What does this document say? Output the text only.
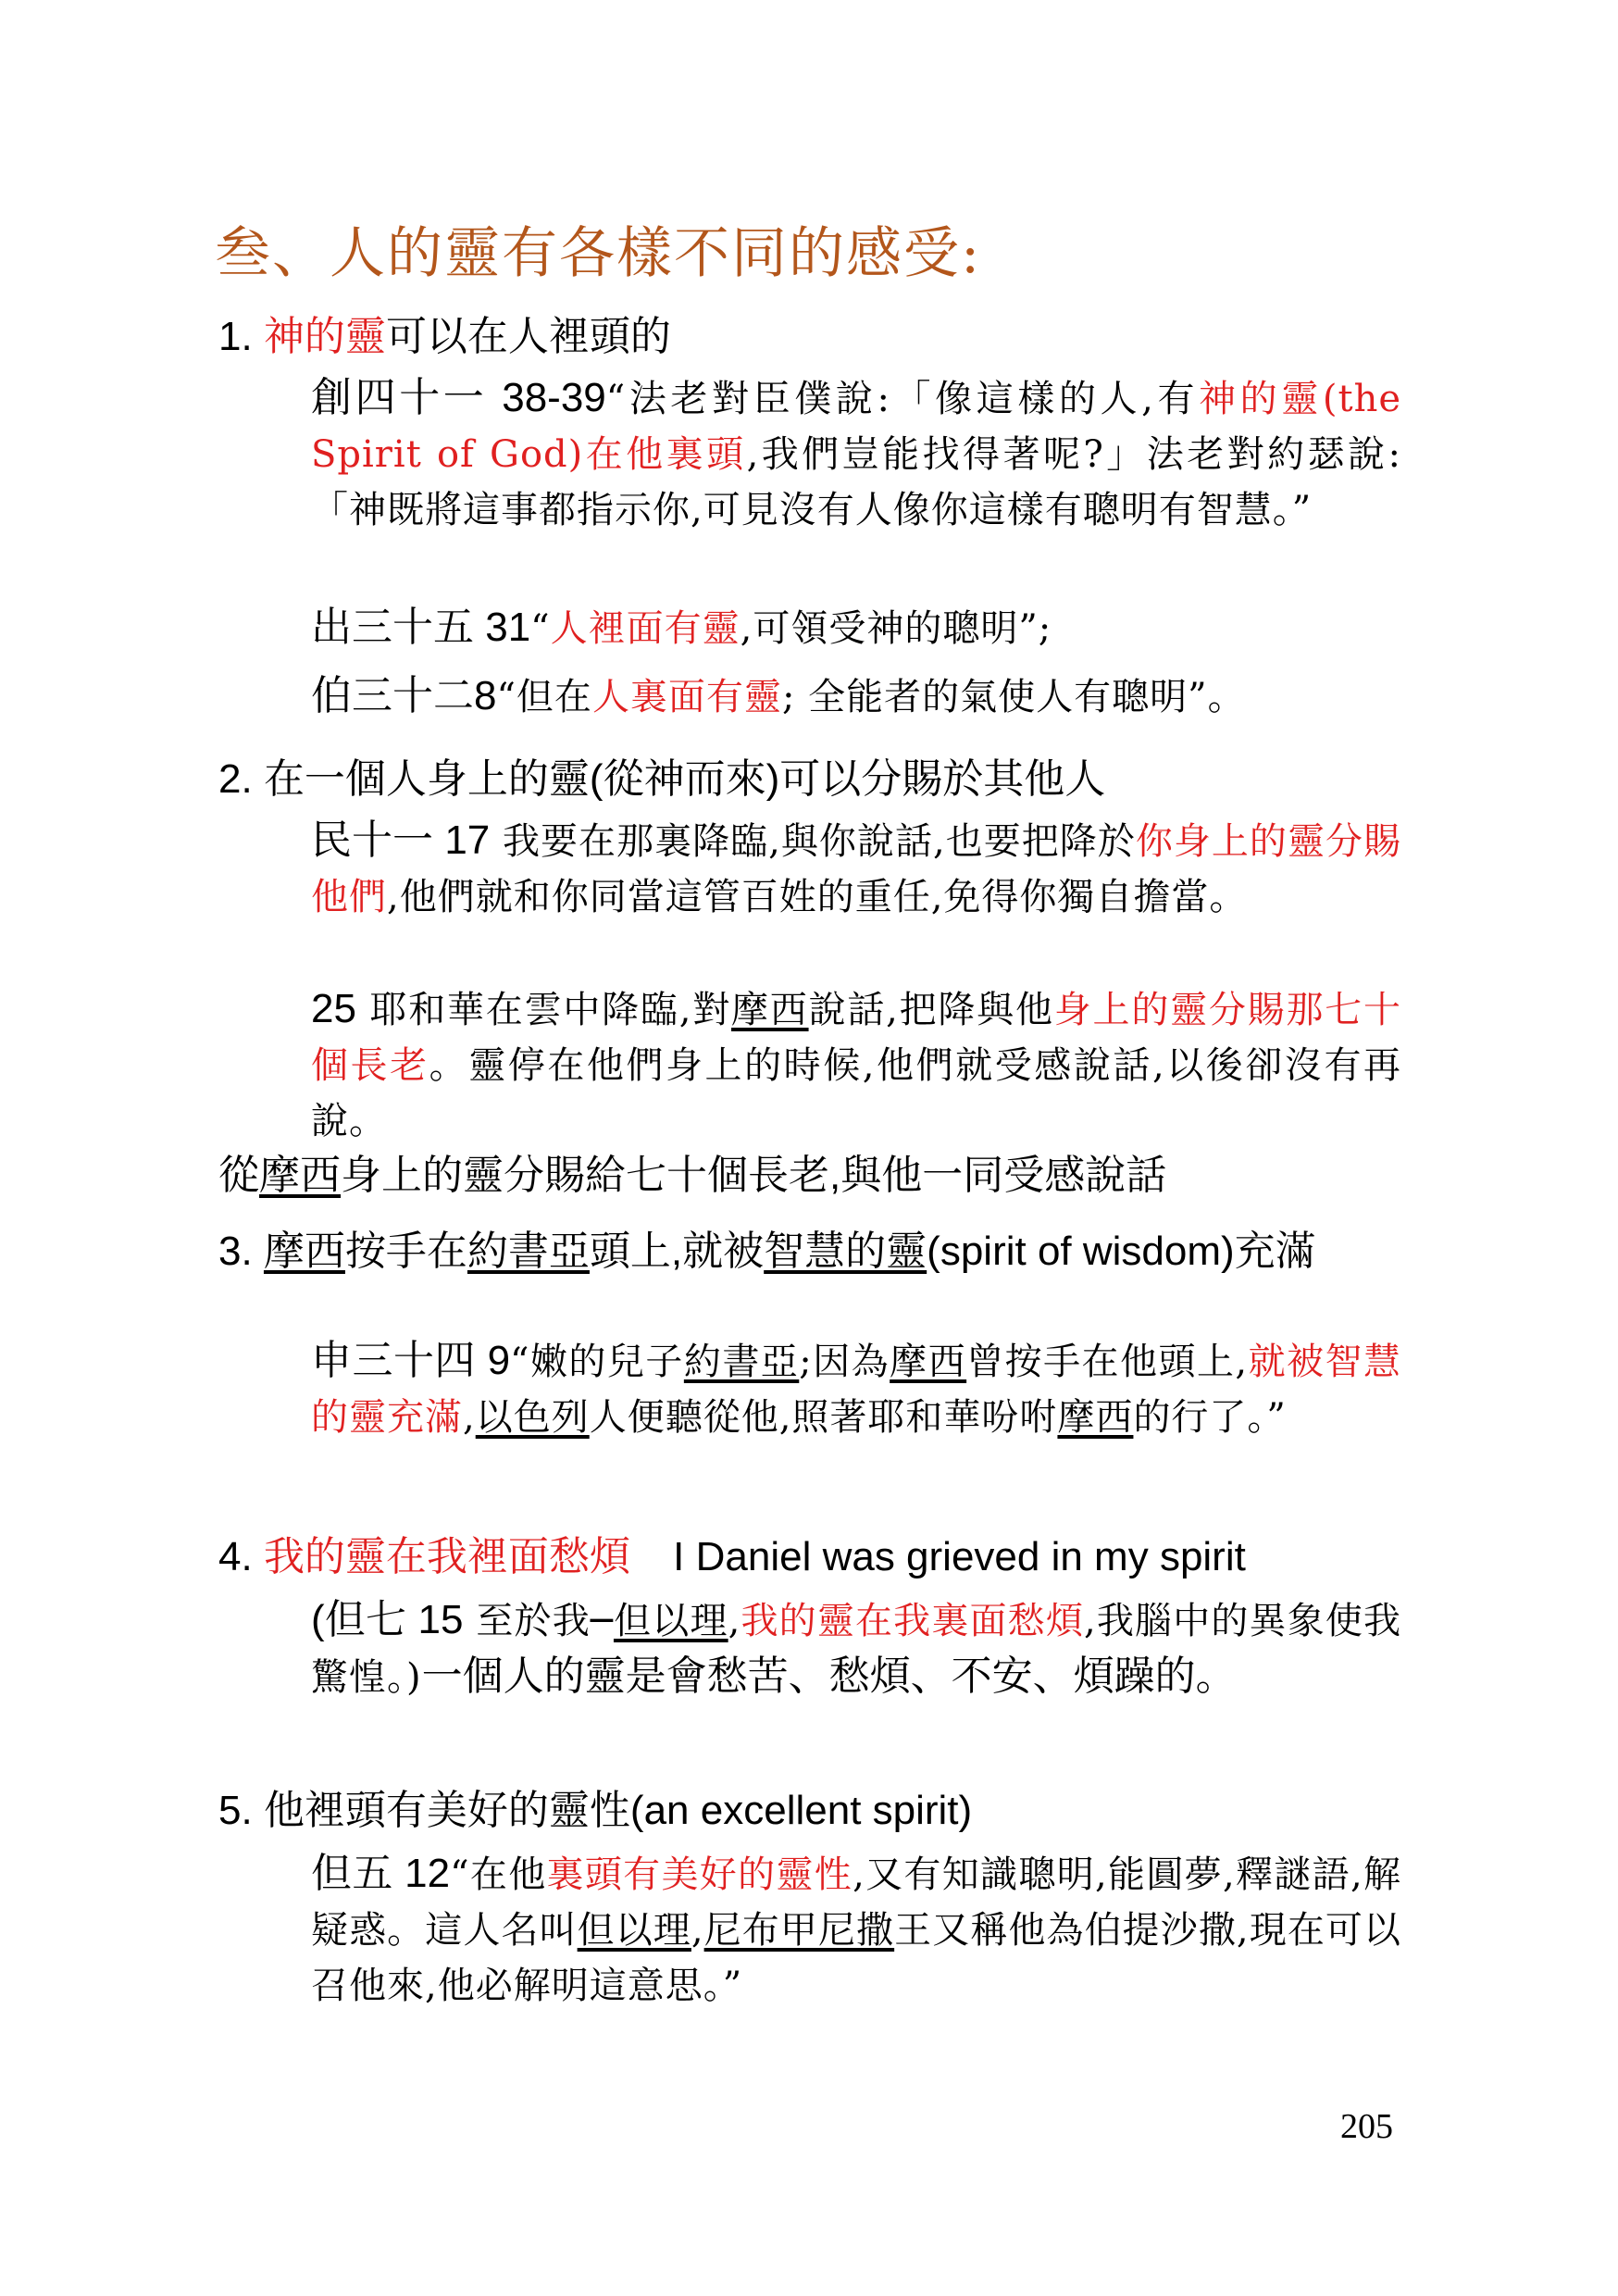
叁、人的靈有各樣不同的感受:
1. 神的靈可以在人裡頭的
創四十一 38-39“法老對臣僕說:「像這樣的人,有神的靈(the Spirit of God)在他裏頭,我們豈能找得著呢?」法老對約瑟說:「神既將這事都指示你,可見沒有人像你這樣有聰明有智慧。”
出三十五 31“人裡面有靈,可領受神的聰明”;
伯三十二8“但在人裏面有靈; 全能者的氣使人有聰明”。
2. 在一個人身上的靈(從神而來)可以分賜於其他人
民十一 17 我要在那裏降臨,與你說話,也要把降於你身上的靈分賜他們,他們就和你同當這管百姓的重任,免得你獨自擔當。
25 耶和華在雲中降臨,對摩西說話,把降與他身上的靈分賜那七十個長老。靈停在他們身上的時候,他們就受感說話,以後卻沒有再說。
從摩西身上的靈分賜給七十個長老,與他一同受感說話
3. 摩西按手在約書亞頭上,就被智慧的靈(spirit of wisdom)充滿
申三十四 9“嫩的兒子約書亞;因為摩西曾按手在他頭上,就被智慧的靈充滿,以色列人便聽從他,照著耶和華吩咐摩西的行了。”
4. 我的靈在我裡面愁煩 I Daniel was grieved in my spirit
(但七 15 至於我─但以理,我的靈在我裏面愁煩,我腦中的異象使我驚惶。)一個人的靈是會愁苦、愁煩、不安、煩躁的。
5. 他裡頭有美好的靈性(an excellent spirit)
但五 12“在他裏頭有美好的靈性,又有知識聰明,能圓夢,釋謎語,解疑惑。這人名叫但以理,尼布甲尼撒王又稱他為伯提沙撒,現在可以召他來,他必解明這意思。”
205
